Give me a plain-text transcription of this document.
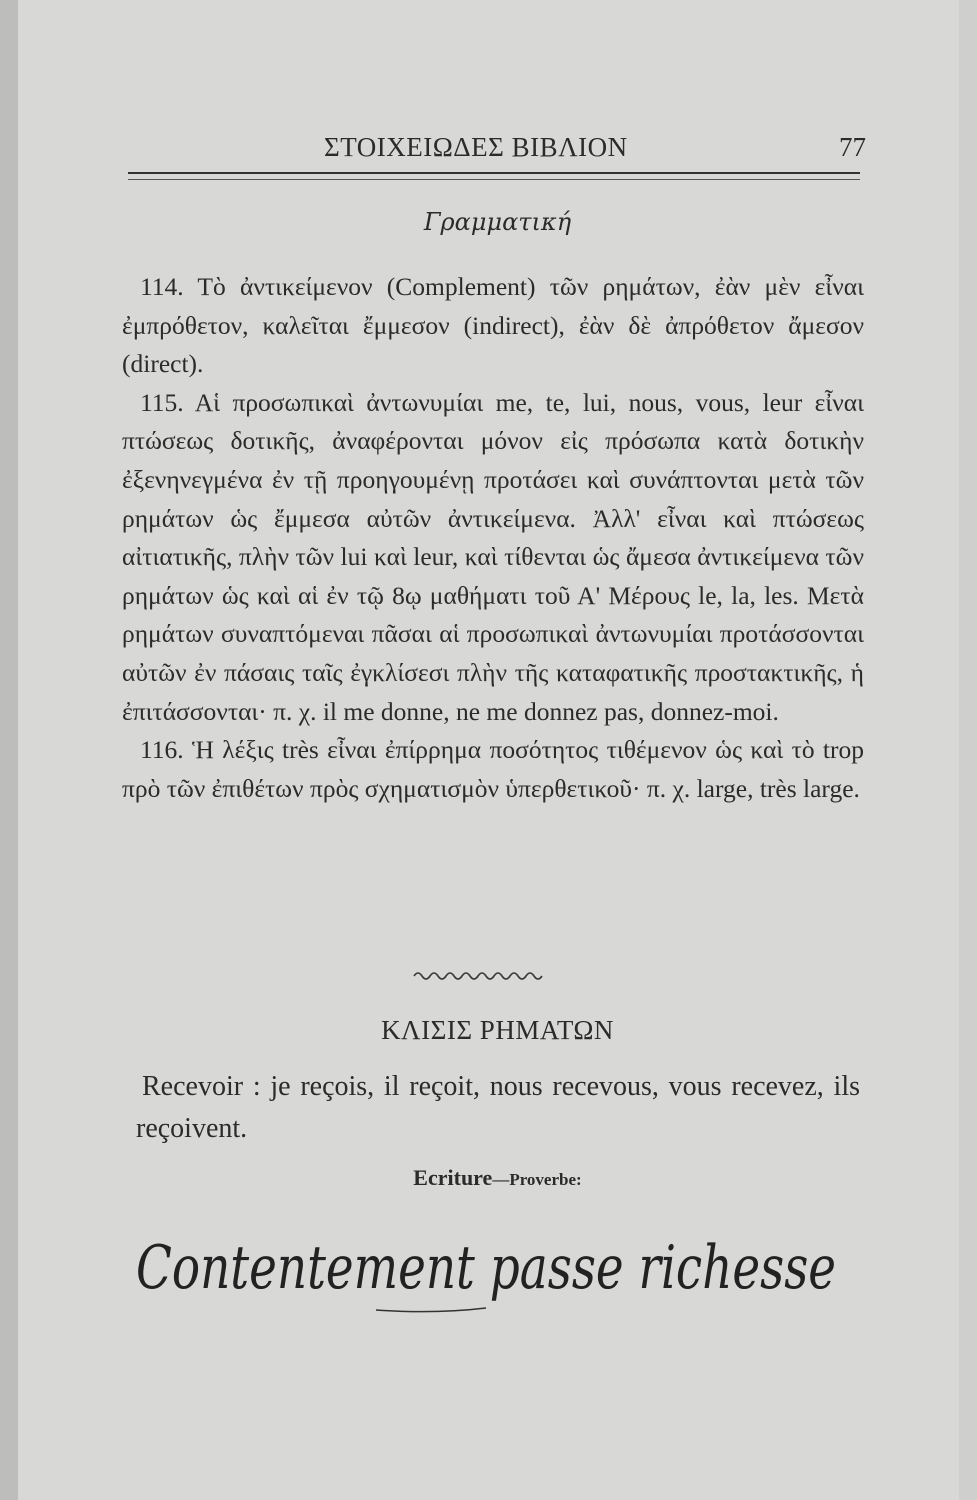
ΣΤΟΙΧΕΙΩΔΕΣ ΒΙΒΛΙΟΝ	77
Γραμματική

114. Τὸ ἀντικείμενον (Complement) τῶν ρημάτων, ἐὰν μὲν εἶναι ἐμπρόθετον, καλεῖται ἔμμεσον (indirect), ἐὰν δὲ ἀπρόθετον ἄμεσον (direct).

115. Αἱ προσωπικαὶ ἀντωνυμίαι me, te, lui, nous, vous, leur εἶναι πτώσεως δοτικῆς, ἀναφέρονται μόνον εἰς πρόσωπα κατὰ δοτικὴν ἐξενηνεγμένα ἐν τῇ προηγουμένῃ προτάσει καὶ συνάπτονται μετὰ τῶν ρημάτων ὡς ἔμμεσα αὐτῶν ἀντικείμενα. Ἀλλ' εἶναι καὶ πτώσεως αἰτιατικῆς, πλὴν τῶν lui καὶ leur, καὶ τίθενται ὡς ἄμεσα ἀντικείμενα τῶν ρημάτων ὡς καὶ αἱ ἐν τῷ 8ῳ μαθήματι τοῦ Α' Μέρους le, la, les. Μετὰ ρημάτων συναπτόμεναι πᾶσαι αἱ προσωπικαὶ ἀντωνυμίαι προτάσσονται αὐτῶν ἐν πάσαις ταῖς ἐγκλίσεσι πλὴν τῆς καταφατικῆς προστακτικῆς, ἡ ἐπιτάσσονται· π. χ. il me donne, ne me donnez pas, donnez-moi.

116. Ἡ λέξις très εἶναι ἐπίρρημα ποσότητος τιθέμενον ὡς καὶ τὸ trop πρὸ τῶν ἐπιθέτων πρὸς σχηματισμὸν ὑπερθετικοῦ· π. χ. large, très large.

ΚΛΙΣΙΣ ΡΗΜΑΤΩΝ
Recevoir : je reçois, il reçoit, nous recevous, vous recevez, ils reçoivent.
Ecriture—Proverbe:
Contentement passe richesse
